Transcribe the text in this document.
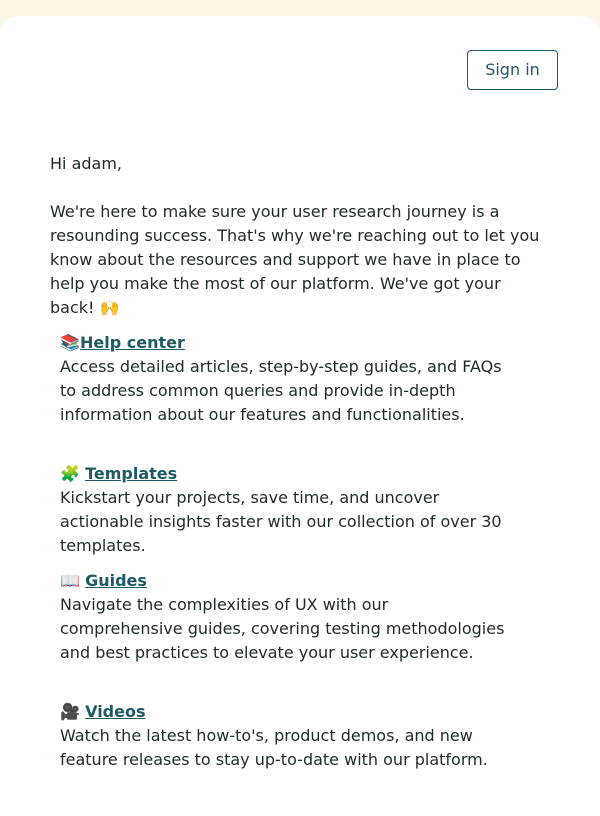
Sign in

Hi adam,

We're here to make sure your user research journey is a resounding success. That's why we're reaching out to let you know about the resources and support we have in place to help you make the most of our platform. We've got your back! 🙌

📚Help center

Access detailed articles, step-by-step guides, and FAQs to address common queries and provide in-depth information about our features and functionalities.

🧩 Templates

Kickstart your projects, save time, and uncover actionable insights faster with our collection of over 30 templates.

📖 Guides

Navigate the complexities of UX with our comprehensive guides, covering testing methodologies and best practices to elevate your user experience.

🎥 Videos

Watch the latest how-to's, product demos, and new feature releases to stay up-to-date with our platform.
